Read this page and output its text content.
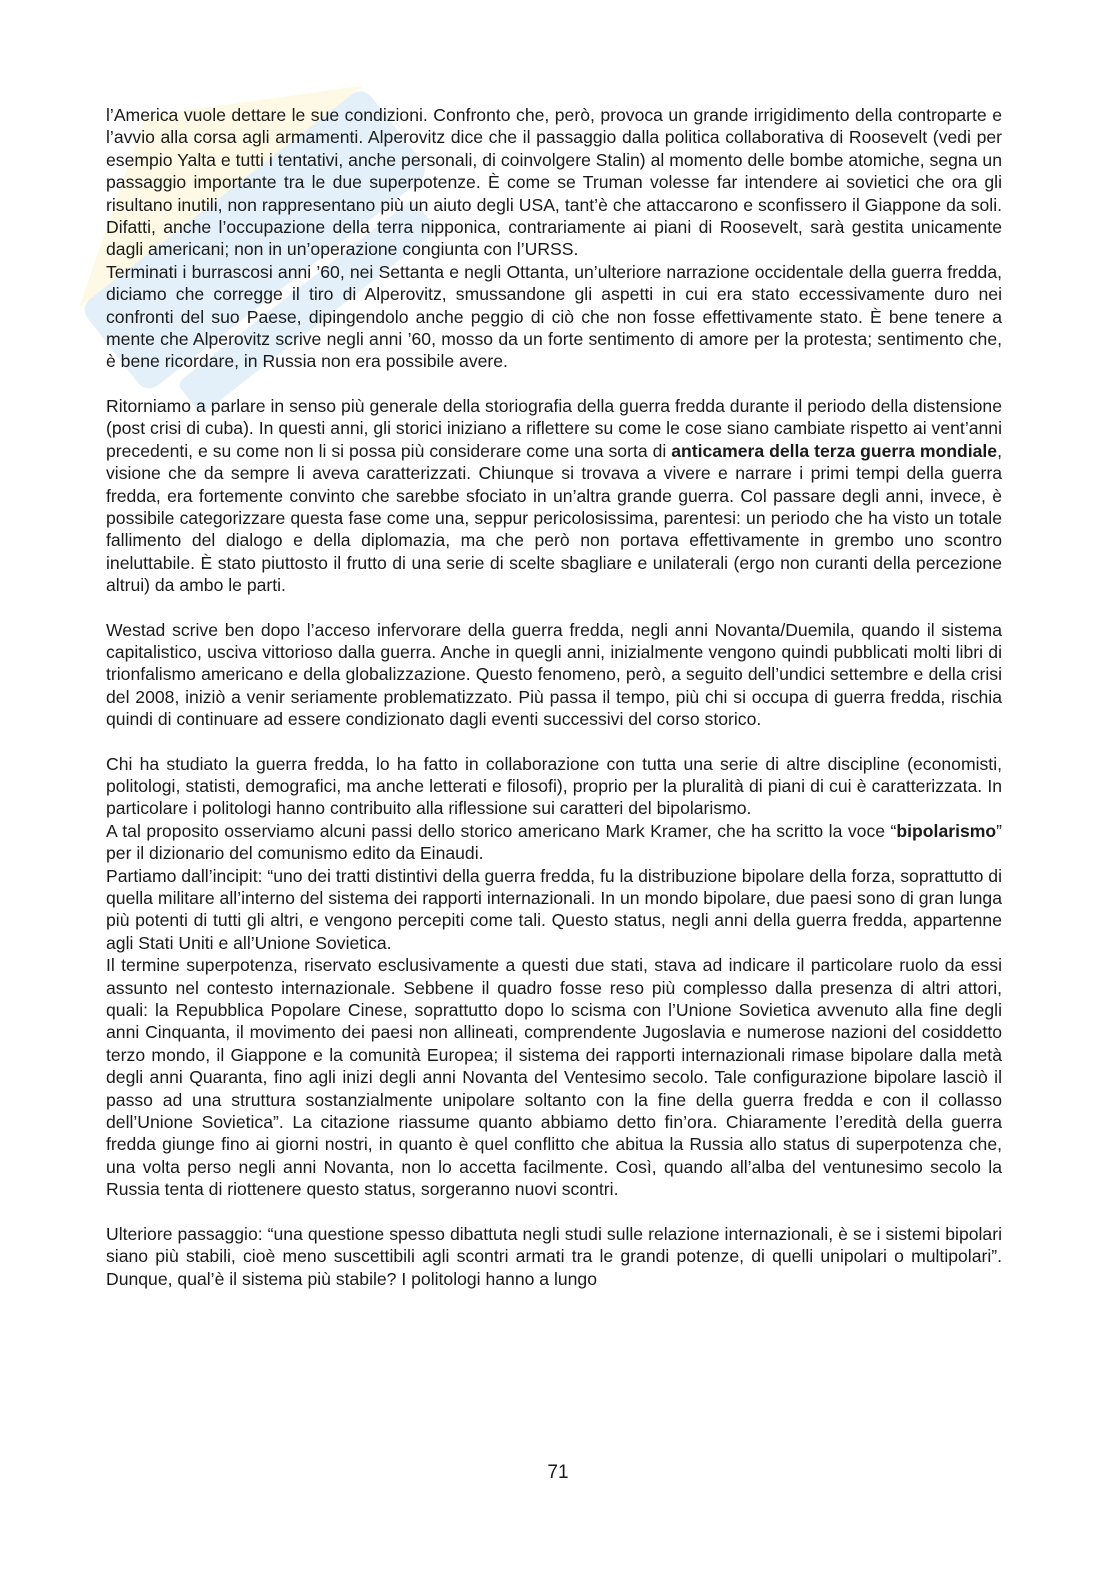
l’America vuole dettare le sue condizioni. Confronto che, però, provoca un grande irrigidimento della controparte e l’avvio alla corsa agli armamenti. Alperovitz dice che il passaggio dalla politica collaborativa di Roosevelt (vedi per esempio Yalta e tutti i tentativi, anche personali, di coinvolgere Stalin) al momento delle bombe atomiche, segna un passaggio importante tra le due superpotenze. È come se Truman volesse far intendere ai sovietici che ora gli risultano inutili, non rappresentano più un aiuto degli USA, tant’è che attaccarono e sconfissero il Giappone da soli. Difatti, anche l’occupazione della terra nipponica, contrariamente ai piani di Roosevelt, sarà gestita unicamente dagli americani; non in un’operazione congiunta con l’URSS.

Terminati i burrascosi anni ’60, nei Settanta e negli Ottanta, un’ulteriore narrazione occidentale della guerra fredda, diciamo che corregge il tiro di Alperovitz, smussandone gli aspetti in cui era stato eccessivamente duro nei confronti del suo Paese, dipingendolo anche peggio di ciò che non fosse effettivamente stato. È bene tenere a mente che Alperovitz scrive negli anni ’60, mosso da un forte sentimento di amore per la protesta; sentimento che, è bene ricordare, in Russia non era possibile avere.

Ritorniamo a parlare in senso più generale della storiografia della guerra fredda durante il periodo della distensione (post crisi di cuba). In questi anni, gli storici iniziano a riflettere su come le cose siano cambiate rispetto ai vent’anni precedenti, e su come non li si possa più considerare come una sorta di anticamera della terza guerra mondiale, visione che da sempre li aveva caratterizzati. Chiunque si trovava a vivere e narrare i primi tempi della guerra fredda, era fortemente convinto che sarebbe sfociato in un’altra grande guerra. Col passare degli anni, invece, è possibile categorizzare questa fase come una, seppur pericolosissima, parentesi: un periodo che ha visto un totale fallimento del dialogo e della diplomazia, ma che però non portava effettivamente in grembo uno scontro ineluttabile. È stato piuttosto il frutto di una serie di scelte sbagliare e unilaterali (ergo non curanti della percezione altrui) da ambo le parti.

Westad scrive ben dopo l’acceso infervorare della guerra fredda, negli anni Novanta/Duemila, quando il sistema capitalistico, usciva vittorioso dalla guerra. Anche in quegli anni, inizialmente vengono quindi pubblicati molti libri di trionfalismo americano e della globalizzazione. Questo fenomeno, però, a seguito dell’undici settembre e della crisi del 2008, iniziò a venir seriamente problematizzato. Più passa il tempo, più chi si occupa di guerra fredda, rischia quindi di continuare ad essere condizionato dagli eventi successivi del corso storico.

Chi ha studiato la guerra fredda, lo ha fatto in collaborazione con tutta una serie di altre discipline (economisti, politologi, statisti, demografici, ma anche letterati e filosofi), proprio per la pluralità di piani di cui è caratterizzata. In particolare i politologi hanno contribuito alla riflessione sui caratteri del bipolarismo.

A tal proposito osserviamo alcuni passi dello storico americano Mark Kramer, che ha scritto la voce “bipolarismo” per il dizionario del comunismo edito da Einaudi.

Partiamo dall’incipit: “uno dei tratti distintivi della guerra fredda, fu la distribuzione bipolare della forza, soprattutto di quella militare all’interno del sistema dei rapporti internazionali. In un mondo bipolare, due paesi sono di gran lunga più potenti di tutti gli altri, e vengono percepiti come tali. Questo status, negli anni della guerra fredda, appartenne agli Stati Uniti e all’Unione Sovietica.

Il termine superpotenza, riservato esclusivamente a questi due stati, stava ad indicare il particolare ruolo da essi assunto nel contesto internazionale. Sebbene il quadro fosse reso più complesso dalla presenza di altri attori, quali: la Repubblica Popolare Cinese, soprattutto dopo lo scisma con l’Unione Sovietica avvenuto alla fine degli anni Cinquanta, il movimento dei paesi non allineati, comprendente Jugoslavia e numerose nazioni del cosiddetto terzo mondo, il Giappone e la comunità Europea; il sistema dei rapporti internazionali rimase bipolare dalla metà degli anni Quaranta, fino agli inizi degli anni Novanta del Ventesimo secolo. Tale configurazione bipolare lasciò il passo ad una struttura sostanzialmente unipolare soltanto con la fine della guerra fredda e con il collasso dell’Unione Sovietica”. La citazione riassume quanto abbiamo detto fin’ora. Chiaramente l’eredità della guerra fredda giunge fino ai giorni nostri, in quanto è quel conflitto che abitua la Russia allo status di superpotenza che, una volta perso negli anni Novanta, non lo accetta facilmente. Così, quando all’alba del ventunesimo secolo la Russia tenta di riottenere questo status, sorgeranno nuovi scontri.

Ulteriore passaggio: “una questione spesso dibattuta negli studi sulle relazione internazionali, è se i sistemi bipolari siano più stabili, cioè meno suscettibili agli scontri armati tra le grandi potenze, di quelli unipolari o multipolari”. Dunque, qual’è il sistema più stabile? I politologi hanno a lungo

71
